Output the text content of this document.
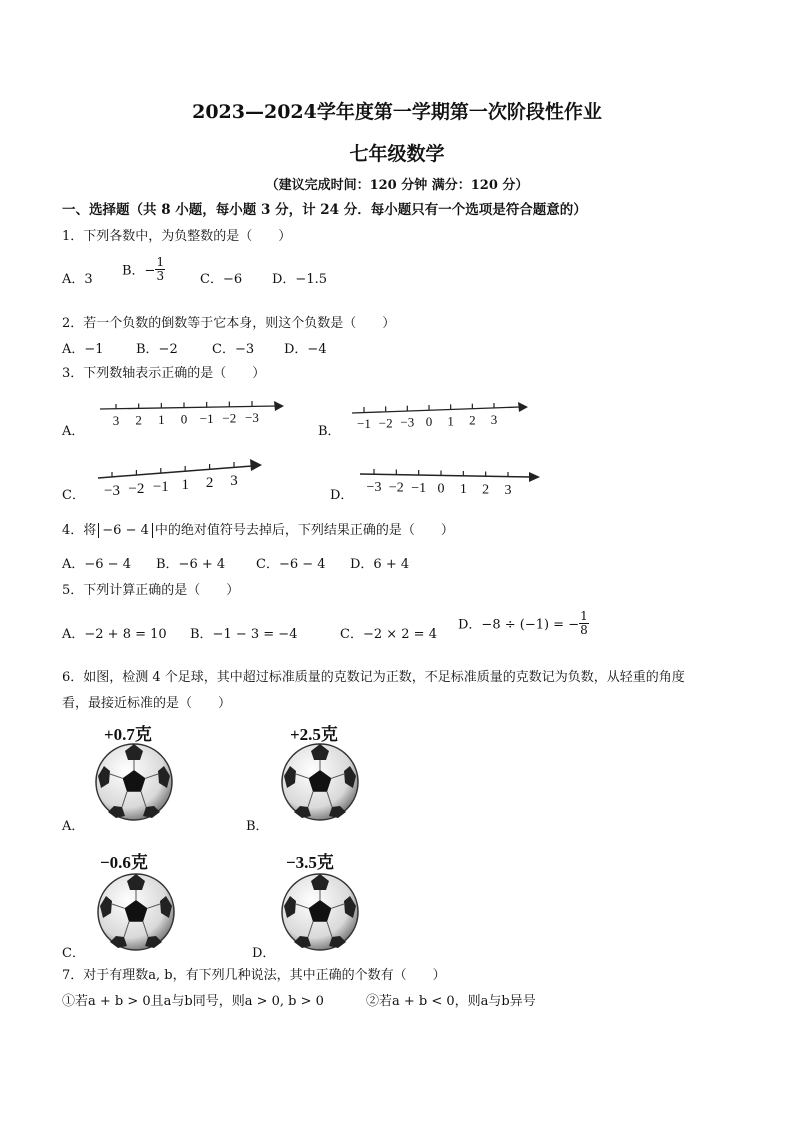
2023—2024学年度第一学期第一次阶段性作业
七年级数学
（建议完成时间：120 分钟 满分：120 分）
一、选择题（共 8 小题，每小题 3 分，计 24 分．每小题只有一个选项是符合题意的）
1．下列各数中，为负整数的是（　　）
A．3
B．− $\frac{1}{3}$	C．−6 D．−1.5
2．若一个负数的倒数等于它本身，则这个负数是（　　）
A．−1 B．−2	C．−3 D．−4
3．下列数轴表示正确的是（　　）
A．	B．
C．	D．
3 2 1 0 −1 −2 −3	−1 −2 −3 0 1 2 3
−3 −2 −1 1 2 3	−3 −2 −1 0 1 2 3
4．将 −6 − 4 中的绝对值符号去掉后，下列结果正确的是（　　）
A．−6 − 4 B．−6 + 4 C．−6 − 4 D．6 + 4
5．下列计算正确的是（　　）
A．−2 + 8 = 10 B．−1 − 3 = −4	C．−2 × 2 = 4
D．−8 ÷ (−1) = − $\frac{1}{8}$
6．如图，检测 4 个足球，其中超过标准质量的克数记为正数，不足标准质量的克数记为负数，从轻重的角度
看，最接近标准的是（　　）
+0.7克	+2.5克
−0.6克	−3.5克
A．	B．
C．	D．
7．对于有理数a, b，有下列几种说法，其中正确的个数有（　　）
①若a + b > 0且a与b同号，则a > 0, b > 0	②若a + b < 0，则a与b异号
